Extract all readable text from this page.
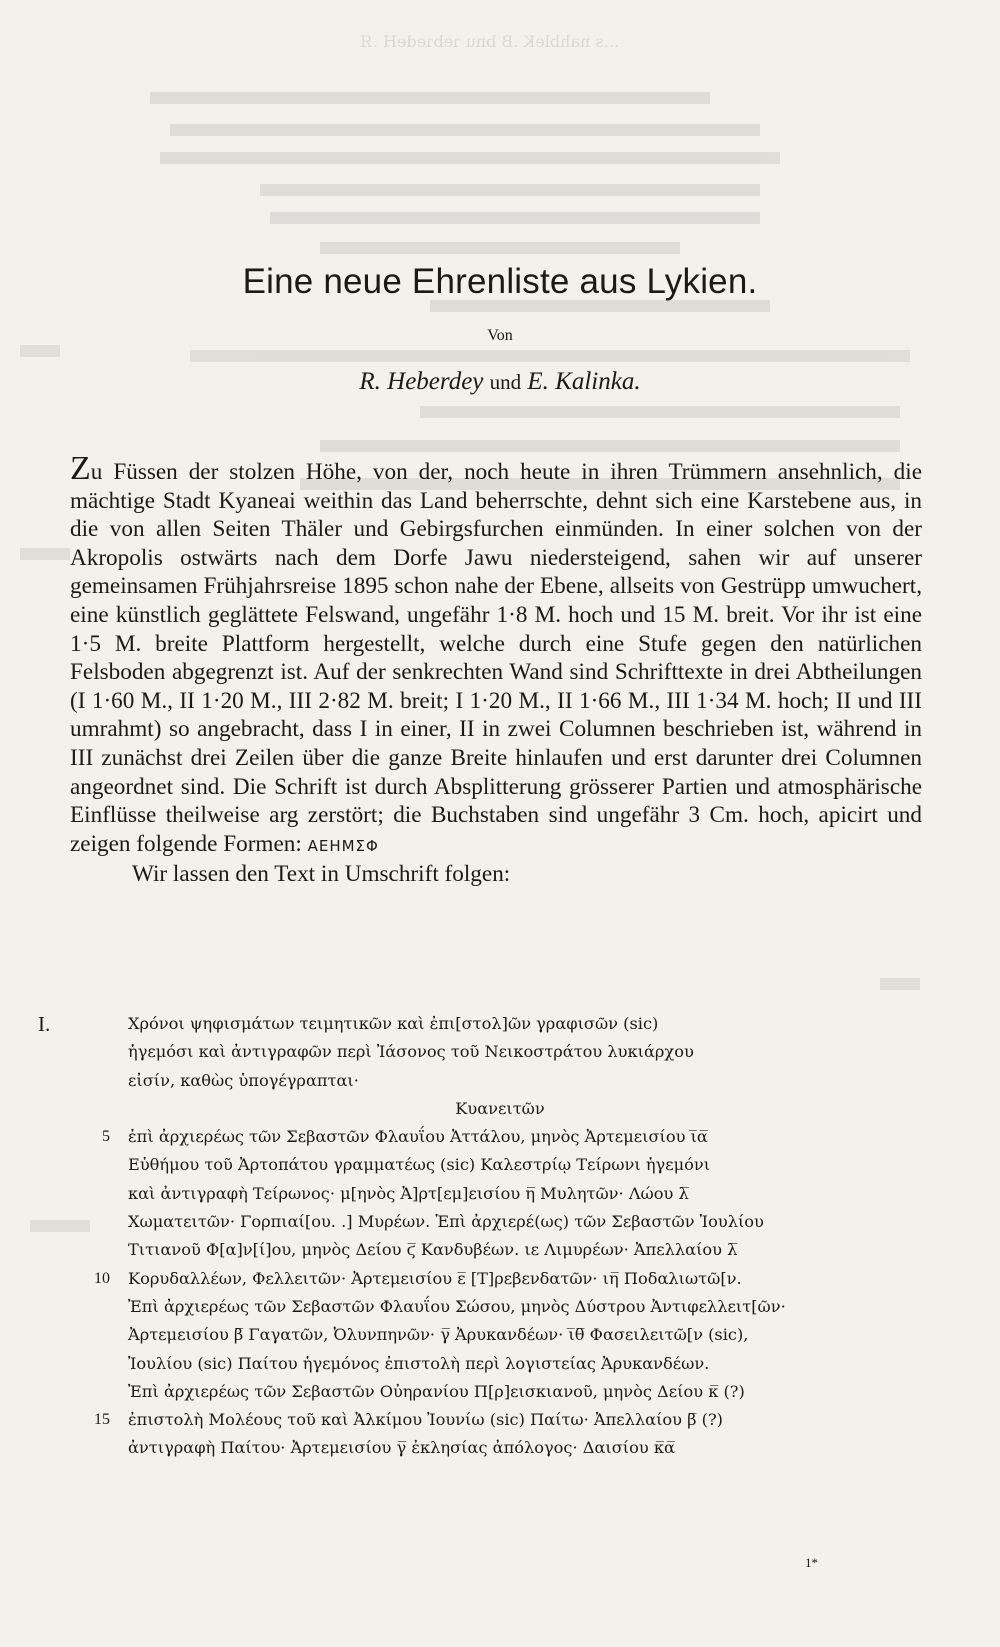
…s nahbleK .B bnu ɿebɿedeH .Я
Eine neue Ehrenliste aus Lykien.
Von
R. Heberdey und E. Kalinka.

Zu Füssen der stolzen Höhe, von der, noch heute in ihren Trümmern ansehnlich, die mächtige Stadt Kyaneai weithin das Land beherrschte, dehnt sich eine Karstebene aus, in die von allen Seiten Thäler und Gebirgsfurchen einmünden. In einer solchen von der Akropolis ostwärts nach dem Dorfe Jawu niedersteigend, sahen wir auf unserer gemeinsamen Frühjahrsreise 1895 schon nahe der Ebene, allseits von Gestrüpp umwuchert, eine künstlich geglättete Felswand, ungefähr 1·8 M. hoch und 15 M. breit. Vor ihr ist eine 1·5 M. breite Plattform hergestellt, welche durch eine Stufe gegen den natürlichen Felsboden abgegrenzt ist. Auf der senkrechten Wand sind Schrifttexte in drei Abtheilungen (I 1·60 M., II 1·20 M., III 2·82 M. breit; I 1·20 M., II 1·66 M., III 1·34 M. hoch; II und III umrahmt) so angebracht, dass I in einer, II in zwei Columnen beschrieben ist, während in III zunächst drei Zeilen über die ganze Breite hinlaufen und erst darunter drei Columnen angeordnet sind. Die Schrift ist durch Absplitterung grösserer Partien und atmosphärische Einflüsse theilweise arg zerstört; die Buchstaben sind ungefähr 3 Cm. hoch, apicirt und zeigen folgende Formen: ΑΕΗΜΣΦ

Wir lassen den Text in Umschrift folgen:

I.	Χρόνοι ψηφισμάτων τειμητικῶν καὶ ἐπι[στολ]ῶν γραφισῶν (sic)
ἡγεμόσι καὶ ἀντιγραφῶν περὶ Ἰάσονος τοῦ Νεικοστράτου λυκιάρχου
εἰσίν, καθὼς ὑπογέγραπται·
Κυανειτῶν
5 ἐπὶ ἀρχιερέως τῶν Σεβαστῶν Φλαυΐου Ἀττάλου, μηνὸς Ἀρτεμεισίου ι̅α̅
Εὐθήμου τοῦ Ἀρτοπάτου γραμματέως (sic) Καλεστρίῳ Τείρωνι ἡγεμόνι
καὶ ἀντιγραφὴ Τείρωνος· μ[ηνὸς Ἀ]ρτ[εμ]εισίου η̅ Μυλητῶν· Λώου λ̅
Χωματειτῶν· Γορπιαί[ου. .] Μυρέων. Ἐπὶ ἀρχιερέ(ως) τῶν Σεβαστῶν Ἰουλίου
Τιτιανοῦ Φ[α]ν[ί]ου, μηνὸς Δείου ϛ̅ Κανδυβέων. ιε Λιμυρέων· Ἀπελλαίου λ̅
10 Κορυδαλλέων, Φελλειτῶν· Ἀρτεμεισίου ε̅ [Τ]ρεβενδατῶν· ιη̅ Ποδαλιωτῶ[ν.
Ἐπὶ ἀρχιερέως τῶν Σεβαστῶν Φλαυΐου Σώσου, μηνὸς Δύστρου Ἀντιφελλειτ[ῶν·
Ἀρτεμεισίου β̅ Γαγατῶν, Ὀλυνπηνῶν· γ̅ Ἀρυκανδέων· ι̅θ̅ Φασειλειτῶ[ν (sic),
Ἰουλίου (sic) Παίτου ἡγεμόνος ἐπιστολὴ περὶ λογιστείας Ἀρυκανδέων.
Ἐπὶ ἀρχιερέως τῶν Σεβαστῶν Οὐηρανίου Π[ρ]εισκιανοῦ, μηνὸς Δείου κ̅ (?)
15 ἐπιστολὴ Μολέους τοῦ καὶ Ἀλκίμου Ἰουνίω (sic) Παίτω· Ἀπελλαίου β̅ (?)
ἀντιγραφὴ Παίτου· Ἀρτεμεισίου γ̅ ἐκλησίας ἀπόλογος· Δαισίου κ̅α̅
1*
